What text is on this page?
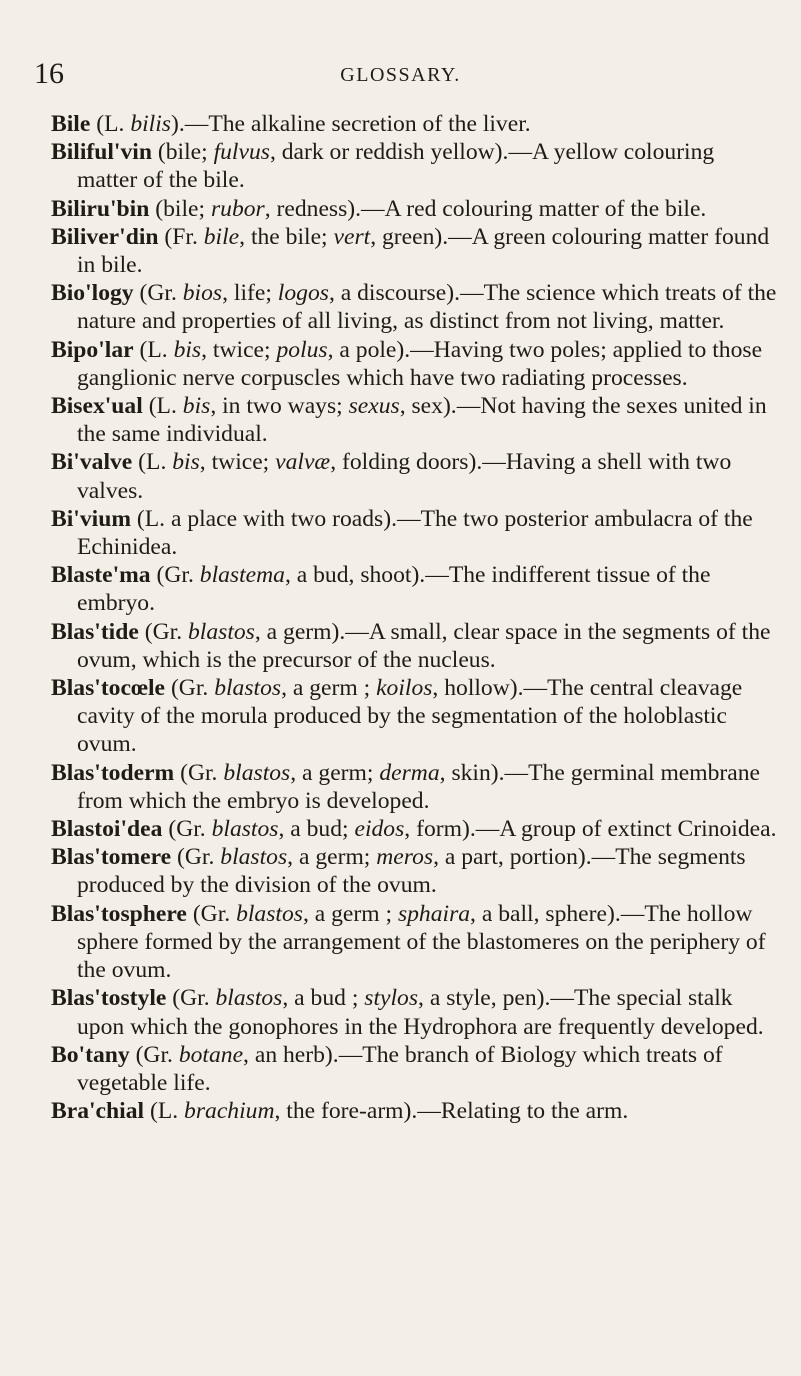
16	GLOSSARY.

Bile (L. bilis).—The alkaline secretion of the liver.

Biliful'vin (bile; fulvus, dark or reddish yellow).—A yellow colouring matter of the bile.

Biliru'bin (bile; rubor, redness).—A red colouring matter of the bile.

Biliver'din (Fr. bile, the bile; vert, green).—A green colouring matter found in bile.

Bio'logy (Gr. bios, life; logos, a discourse).—The science which treats of the nature and properties of all living, as distinct from not living, matter.

Bipo'lar (L. bis, twice; polus, a pole).—Having two poles; applied to those ganglionic nerve corpuscles which have two radiating processes.

Bisex'ual (L. bis, in two ways; sexus, sex).—Not having the sexes united in the same individual.

Bi'valve (L. bis, twice; valvæ, folding doors).—Having a shell with two valves.

Bi'vium (L. a place with two roads).—The two posterior ambulacra of the Echinidea.

Blaste'ma (Gr. blastema, a bud, shoot).—The indifferent tissue of the embryo.

Blas'tide (Gr. blastos, a germ).—A small, clear space in the segments of the ovum, which is the precursor of the nucleus.

Blas'tocœle (Gr. blastos, a germ ; koilos, hollow).—The central cleavage cavity of the morula produced by the segmentation of the holoblastic ovum.

Blas'toderm (Gr. blastos, a germ; derma, skin).—The germinal membrane from which the embryo is developed.

Blastoi'dea (Gr. blastos, a bud; eidos, form).—A group of extinct Crinoidea.

Blas'tomere (Gr. blastos, a germ; meros, a part, portion).—The segments produced by the division of the ovum.

Blas'tosphere (Gr. blastos, a germ ; sphaira, a ball, sphere).—The hollow sphere formed by the arrangement of the blastomeres on the periphery of the ovum.

Blas'tostyle (Gr. blastos, a bud ; stylos, a style, pen).—The special stalk upon which the gonophores in the Hydrophora are frequently developed.

Bo'tany (Gr. botane, an herb).—The branch of Biology which treats of vegetable life.

Bra'chial (L. brachium, the fore-arm).—Relating to the arm.
